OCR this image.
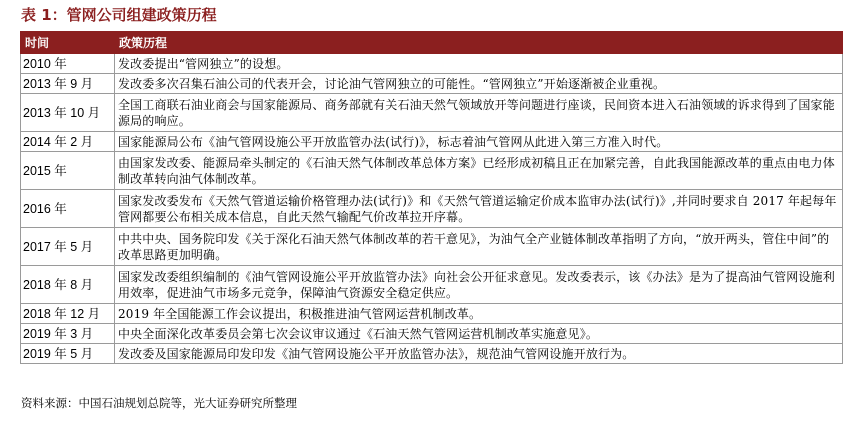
表 1：管网公司组建政策历程
时间	政策历程
2010 年	发改委提出“管网独立”的设想。
2013 年 9 月	发改委多次召集石油公司的代表开会，讨论油气管网独立的可能性。“管网独立”开始逐渐被企业重视。
2013 年 10 月	全国工商联石油业商会与国家能源局、商务部就有关石油天然气领域放开等问题进行座谈，民间资本进入石油领域的诉求得到了国家能源局的响应。
2014 年 2 月	国家能源局公布《油气管网设施公平开放监管办法(试行)》，标志着油气管网从此进入第三方准入时代。
2015 年	由国家发改委、能源局牵头制定的《石油天然气体制改革总体方案》已经形成初稿且正在加紧完善，自此我国能源改革的重点由电力体制改革转向油气体制改革。
2016 年	国家发改委发布《天然气管道运输价格管理办法(试行)》和《天然气管道运输定价成本监审办法(试行)》,并同时要求自 2017 年起每年管网都要公布相关成本信息，自此天然气输配气价改革拉开序幕。
2017 年 5 月	中共中央、国务院印发《关于深化石油天然气体制改革的若干意见》，为油气全产业链体制改革指明了方向，“放开两头，管住中间”的改革思路更加明确。
2018 年 8 月	国家发改委组织编制的《油气管网设施公平开放监管办法》向社会公开征求意见。发改委表示，该《办法》是为了提高油气管网设施利用效率，促进油气市场多元竞争，保障油气资源安全稳定供应。
2018 年 12 月	2019 年全国能源工作会议提出，积极推进油气管网运营机制改革。
2019 年 3 月	中央全面深化改革委员会第七次会议审议通过《石油天然气管网运营机制改革实施意见》。
2019 年 5 月	发改委及国家能源局印发印发《油气管网设施公平开放监管办法》，规范油气管网设施开放行为。
资料来源：中国石油规划总院等，光大证券研究所整理
